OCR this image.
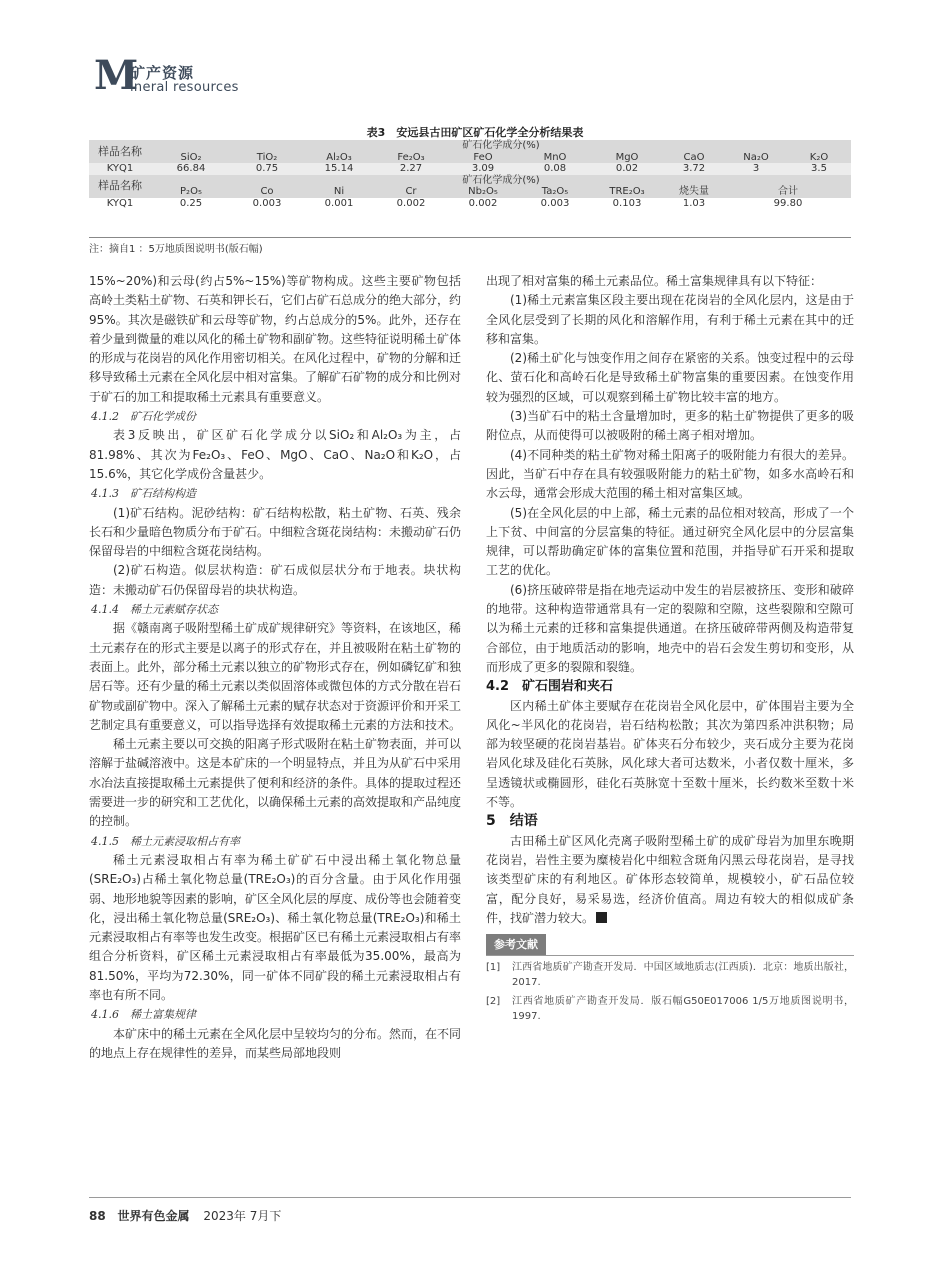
M
矿产资源
ineral resources
表3　安远县古田矿区矿石化学全分析结果表
样品名称	矿石化学成分(%)									
	SiO₂	TiO₂	Al₂O₃	Fe₂O₃	FeO	MnO	MgO	CaO	Na₂O	K₂O
KYQ1	66.84	0.75	15.14	2.27	3.09	0.08	0.02	3.72	3	3.5
样品名称	矿石化学成分(%)									
	P₂O₅	Co	Ni	Cr	Nb₂O₅	Ta₂O₅	TRE₂O₃	烧失量	合计	
KYQ1	0.25	0.003	0.001	0.002	0.002	0.003	0.103	1.03	99.80	
注：摘自1 ：5万地质图说明书(版石幅)

15%~20%)和云母(约占5%~15%)等矿物构成。这些主要矿物包括高岭土类粘土矿物、石英和钾长石，它们占矿石总成分的绝大部分，约95%。其次是磁铁矿和云母等矿物，约占总成分的5%。此外，还存在着少量到微量的难以风化的稀土矿物和副矿物。这些特征说明稀土矿体的形成与花岗岩的风化作用密切相关。在风化过程中，矿物的分解和迁移导致稀土元素在全风化层中相对富集。了解矿石矿物的成分和比例对于矿石的加工和提取稀土元素具有重要意义。

4.1.2　矿石化学成份

表3反映出，矿区矿石化学成分以SiO₂和Al₂O₃为主，占81.98%、其次为Fe₂O₃、FeO、MgO、CaO、Na₂O和K₂O，占15.6%，其它化学成份含量甚少。

4.1.3　矿石结构构造

(1)矿石结构。泥砂结构：矿石结构松散，粘土矿物、石英、残余长石和少量暗色物质分布于矿石。中细粒含斑花岗结构：未搬动矿石仍保留母岩的中细粒含斑花岗结构。

(2)矿石构造。似层状构造：矿石成似层状分布于地表。块状构造：未搬动矿石仍保留母岩的块状构造。

4.1.4　稀土元素赋存状态

据《赣南离子吸附型稀土矿成矿规律研究》等资料，在该地区，稀土元素存在的形式主要是以离子的形式存在，并且被吸附在粘土矿物的表面上。此外，部分稀土元素以独立的矿物形式存在，例如磷钇矿和独居石等。还有少量的稀土元素以类似固溶体或微包体的方式分散在岩石矿物或副矿物中。深入了解稀土元素的赋存状态对于资源评价和开采工艺制定具有重要意义，可以指导选择有效提取稀土元素的方法和技术。

稀土元素主要以可交换的阳离子形式吸附在粘土矿物表面，并可以溶解于盐碱溶液中。这是本矿床的一个明显特点，并且为从矿石中采用水冶法直接提取稀土元素提供了便利和经济的条件。具体的提取过程还需要进一步的研究和工艺优化，以确保稀土元素的高效提取和产品纯度的控制。

4.1.5　稀土元素浸取相占有率

稀土元素浸取相占有率为稀土矿矿石中浸出稀土氧化物总量(SRE₂O₃)占稀土氧化物总量(TRE₂O₃)的百分含量。由于风化作用强弱、地形地貌等因素的影响，矿区全风化层的厚度、成份等也会随着变化，浸出稀土氧化物总量(SRE₂O₃)、稀土氧化物总量(TRE₂O₃)和稀土元素浸取相占有率等也发生改变。根据矿区已有稀土元素浸取相占有率组合分析资料，矿区稀土元素浸取相占有率最低为35.00%，最高为81.50%，平均为72.30%，同一矿体不同矿段的稀土元素浸取相占有率也有所不同。

4.1.6　稀土富集规律

本矿床中的稀土元素在全风化层中呈较均匀的分布。然而，在不同的地点上存在规律性的差异，而某些局部地段则

出现了相对富集的稀土元素品位。稀土富集规律具有以下特征：

(1)稀土元素富集区段主要出现在花岗岩的全风化层内，这是由于全风化层受到了长期的风化和溶解作用，有利于稀土元素在其中的迁移和富集。

(2)稀土矿化与蚀变作用之间存在紧密的关系。蚀变过程中的云母化、萤石化和高岭石化是导致稀土矿物富集的重要因素。在蚀变作用较为强烈的区域，可以观察到稀土矿物比较丰富的地方。

(3)当矿石中的粘土含量增加时，更多的粘土矿物提供了更多的吸附位点，从而使得可以被吸附的稀土离子相对增加。

(4)不同种类的粘土矿物对稀土阳离子的吸附能力有很大的差异。因此，当矿石中存在具有较强吸附能力的粘土矿物，如多水高岭石和水云母，通常会形成大范围的稀土相对富集区域。

(5)在全风化层的中上部，稀土元素的品位相对较高，形成了一个上下贫、中间富的分层富集的特征。通过研究全风化层中的分层富集规律，可以帮助确定矿体的富集位置和范围，并指导矿石开采和提取工艺的优化。

(6)挤压破碎带是指在地壳运动中发生的岩层被挤压、变形和破碎的地带。这种构造带通常具有一定的裂隙和空隙，这些裂隙和空隙可以为稀土元素的迁移和富集提供通道。在挤压破碎带两侧及构造带复合部位，由于地质活动的影响，地壳中的岩石会发生剪切和变形，从而形成了更多的裂隙和裂缝。

4.2　矿石围岩和夹石

区内稀土矿体主要赋存在花岗岩全风化层中，矿体围岩主要为全风化~半风化的花岗岩，岩石结构松散；其次为第四系冲洪积物；局部为较坚硬的花岗岩基岩。矿体夹石分布较少，夹石成分主要为花岗岩风化球及硅化石英脉，风化球大者可达数米，小者仅数十厘米，多呈透镜状或椭圆形，硅化石英脉宽十至数十厘米，长约数米至数十米不等。

5　结语

古田稀土矿区风化壳离子吸附型稀土矿的成矿母岩为加里东晚期花岗岩，岩性主要为糜棱岩化中细粒含斑角闪黑云母花岗岩，是寻找该类型矿床的有利地区。矿体形态较简单，规模较小，矿石品位较富，配分良好，易采易选，经济价值高。周边有较大的相似成矿条件，找矿潜力较大。

参考文献
[1]	江西省地质矿产勘查开发局．中国区域地质志(江西质)．北京：地质出版社，2017.
[2]	江西省地质矿产勘查开发局．版石幅G50E017006 1/5万地质图说明书，1997.
88 世界有色金属 2023年 7月下
